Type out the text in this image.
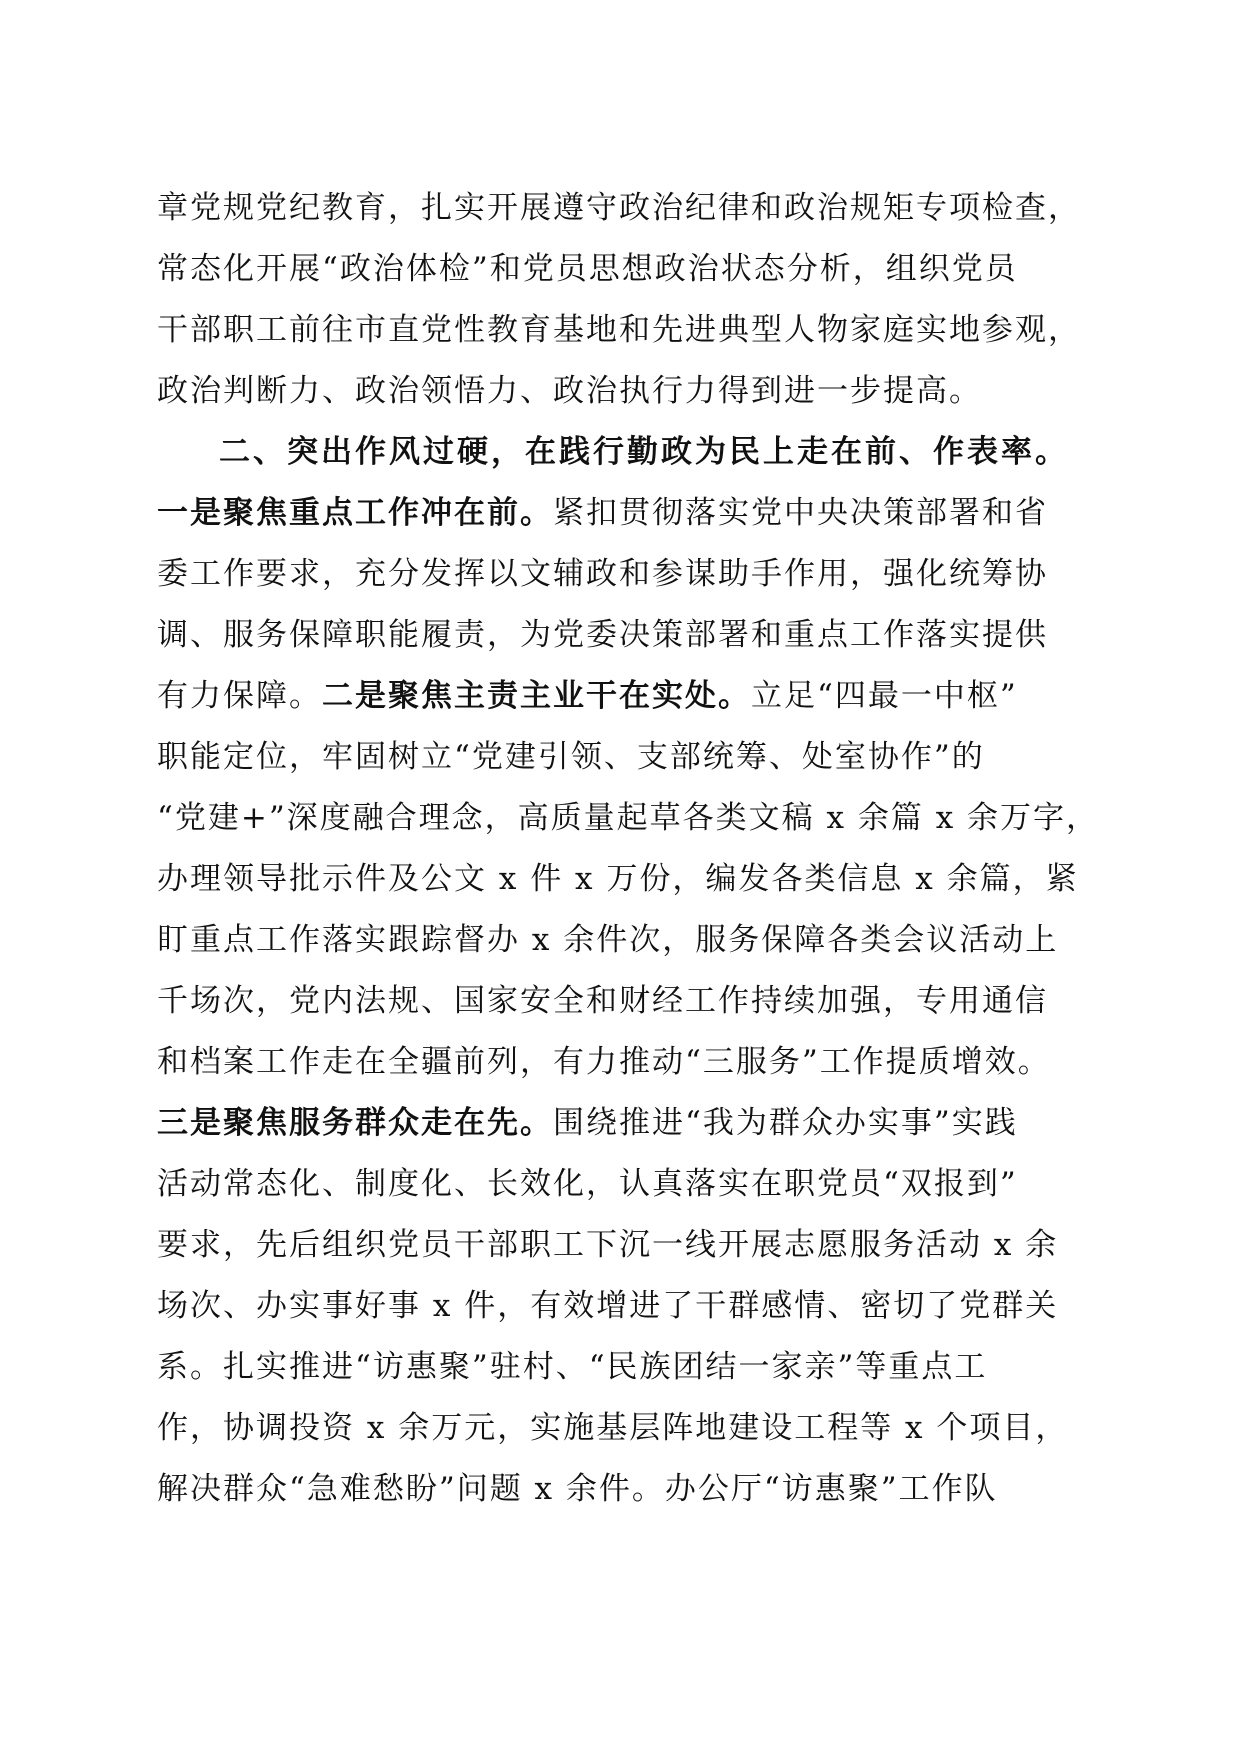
章党规党纪教育，扎实开展遵守政治纪律和政治规矩专项检查，
常态化开展“政治体检”和党员思想政治状态分析，组织党员
干部职工前往市直党性教育基地和先进典型人物家庭实地参观，
政治判断力、政治领悟力、政治执行力得到进一步提高。
二、突出作风过硬，在践行勤政为民上走在前、作表率。
一是聚焦重点工作冲在前。紧扣贯彻落实党中央决策部署和省
委工作要求，充分发挥以文辅政和参谋助手作用，强化统筹协
调、服务保障职能履责，为党委决策部署和重点工作落实提供
有力保障。二是聚焦主责主业干在实处。立足“四最一中枢”
职能定位，牢固树立“党建引领、支部统筹、处室协作”的
“党建+”深度融合理念，高质量起草各类文稿 x 余篇 x 余万字，
办理领导批示件及公文 x 件 x 万份，编发各类信息 x 余篇，紧
盯重点工作落实跟踪督办 x 余件次，服务保障各类会议活动上
千场次，党内法规、国家安全和财经工作持续加强，专用通信
和档案工作走在全疆前列，有力推动“三服务”工作提质增效。
三是聚焦服务群众走在先。围绕推进“我为群众办实事”实践
活动常态化、制度化、长效化，认真落实在职党员“双报到”
要求，先后组织党员干部职工下沉一线开展志愿服务活动 x 余
场次、办实事好事 x 件，有效增进了干群感情、密切了党群关
系。扎实推进“访惠聚”驻村、“民族团结一家亲”等重点工
作，协调投资 x 余万元，实施基层阵地建设工程等 x 个项目，
解决群众“急难愁盼”问题 x 余件。办公厅“访惠聚”工作队
